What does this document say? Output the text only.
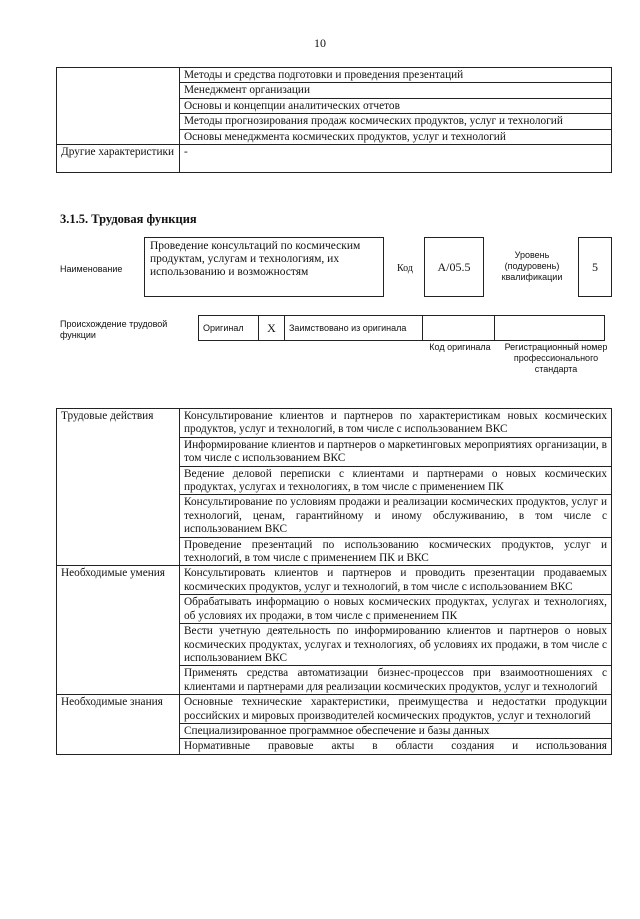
10
	Методы и средства подготовки и проведения презентаций
	Менеджмент организации
	Основы и концепции аналитических отчетов
	Методы прогнозирования продаж космических продуктов, услуг и технологий
	Основы менеджмента космических продуктов, услуг и технологий
Другие характеристики	-
3.1.5. Трудовая функция
Наименование
Проведение консультаций по космическим продуктам, услугам и технологиям, их использованию и возможностям	Код	A/05.5
Уровень (подуровень) квалификации
5
Происхождение трудовой функции
Оригинал	X	Заимствовано из оригинала		
Код оригинала	Регистрационный номер профессионального стандарта
Трудовые действия	Консультирование клиентов и партнеров по характеристикам новых космических продуктов, услуг и технологий, в том числе с использованием ВКС
	Информирование клиентов и партнеров о маркетинговых мероприятиях организации, в том числе с использованием ВКС
	Ведение деловой переписки с клиентами и партнерами о новых космических продуктах, услугах и технологиях, в том числе с применением ПК
	Консультирование по условиям продажи и реализации космических продуктов, услуг и технологий, ценам, гарантийному и иному обслуживанию, в том числе с использованием ВКС
	Проведение презентаций по использованию космических продуктов, услуг и технологий, в том числе с применением ПК и ВКС
Необходимые умения	Консультировать клиентов и партнеров и проводить презентации продаваемых космических продуктов, услуг и технологий, в том числе с использованием ВКС
	Обрабатывать информацию о новых космических продуктах, услугах и технологиях, об условиях их продажи, в том числе с применением ПК
	Вести учетную деятельность по информированию клиентов и партнеров о новых космических продуктах, услугах и технологиях, об условиях их продажи, в том числе с использованием ВКС
	Применять средства автоматизации бизнес-процессов при взаимоотношениях с клиентами и партнерами для реализации космических продуктов, услуг и технологий
Необходимые знания	Основные технические характеристики, преимущества и недостатки продукции российских и мировых производителей космических продуктов, услуг и технологий
	Специализированное программное обеспечение и базы данных
	Нормативные правовые акты в области создания и использования
